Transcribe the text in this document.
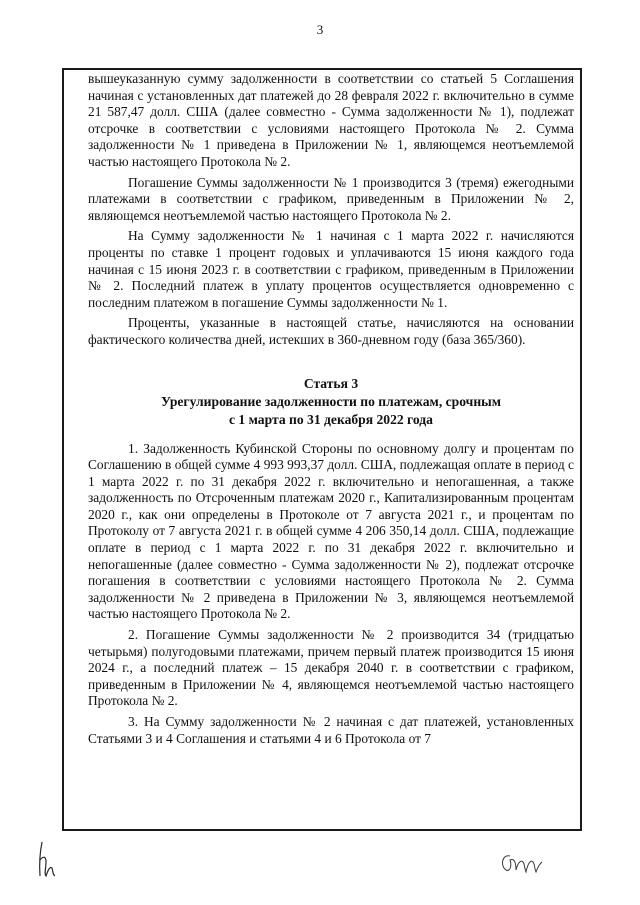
3

вышеуказанную сумму задолженности в соответствии со статьей 5 Соглашения начиная с установленных дат платежей до 28 февраля 2022 г. включительно в сумме 21 587,47 долл. США (далее совместно - Сумма задолженности № 1), подлежат отсрочке в соответствии с условиями настоящего Протокола № 2. Сумма задолженности № 1 приведена в Приложении № 1, являющемся неотъемлемой частью настоящего Протокола № 2.

Погашение Суммы задолженности № 1 производится 3 (тремя) ежегодными платежами в соответствии с графиком, приведенным в Приложении № 2, являющемся неотъемлемой частью настоящего Протокола № 2.

На Сумму задолженности № 1 начиная с 1 марта 2022 г. начисляются проценты по ставке 1 процент годовых и уплачиваются 15 июня каждого года начиная с 15 июня 2023 г. в соответствии с графиком, приведенным в Приложении № 2. Последний платеж в уплату процентов осуществляется одновременно с последним платежом в погашение Суммы задолженности № 1.

Проценты, указанные в настоящей статье, начисляются на основании фактического количества дней, истекших в 360-дневном году (база 365/360).

Статья 3
Урегулирование задолженности по платежам, срочным
с 1 марта по 31 декабря 2022 года

1. Задолженность Кубинской Стороны по основному долгу и процентам по Соглашению в общей сумме 4 993 993,37 долл. США, подлежащая оплате в период с 1 марта 2022 г. по 31 декабря 2022 г. включительно и непогашенная, а также задолженность по Отсроченным платежам 2020 г., Капитализированным процентам 2020 г., как они определены в Протоколе от 7 августа 2021 г., и процентам по Протоколу от 7 августа 2021 г. в общей сумме 4 206 350,14 долл. США, подлежащие оплате в период с 1 марта 2022 г. по 31 декабря 2022 г. включительно и непогашенные (далее совместно - Сумма задолженности № 2), подлежат отсрочке погашения в соответствии с условиями настоящего Протокола № 2. Сумма задолженности № 2 приведена в Приложении № 3, являющемся неотъемлемой частью настоящего Протокола № 2.

2. Погашение Суммы задолженности № 2 производится 34 (тридцатью четырьмя) полугодовыми платежами, причем первый платеж производится 15 июня 2024 г., а последний платеж – 15 декабря 2040 г. в соответствии с графиком, приведенным в Приложении № 4, являющемся неотъемлемой частью настоящего Протокола № 2.

3. На Сумму задолженности № 2 начиная с дат платежей, установленных Статьями 3 и 4 Соглашения и статьями 4 и 6 Протокола от 7
